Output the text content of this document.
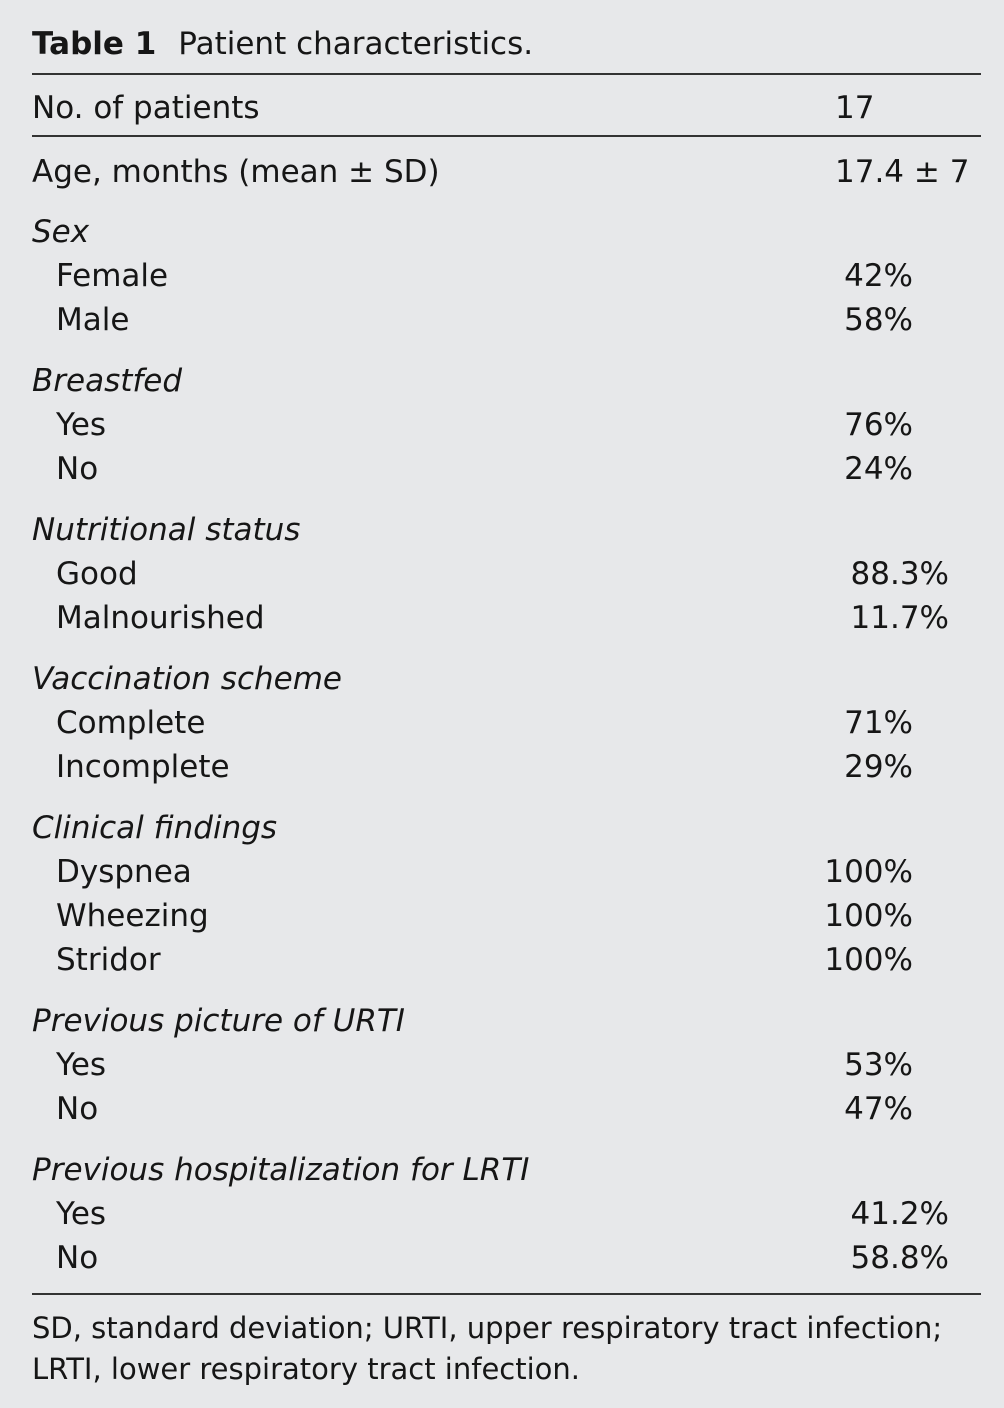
Table 1 Patient characteristics.
No. of patients	17
Age, months (mean ± SD)	17.4 ± 7
Sex
Female	42%
Male	58%
Breastfed
Yes	76%
No	24%
Nutritional status
Good	88.3%
Malnourished	11.7%
Vaccination scheme
Complete	71%
Incomplete	29%
Clinical findings
Dyspnea	100%
Wheezing	100%
Stridor	100%
Previous picture of URTI
Yes	53%
No	47%
Previous hospitalization for LRTI
Yes	41.2%
No	58.8%
SD, standard deviation; URTI, upper respiratory tract infection; LRTI, lower respiratory tract infection.
